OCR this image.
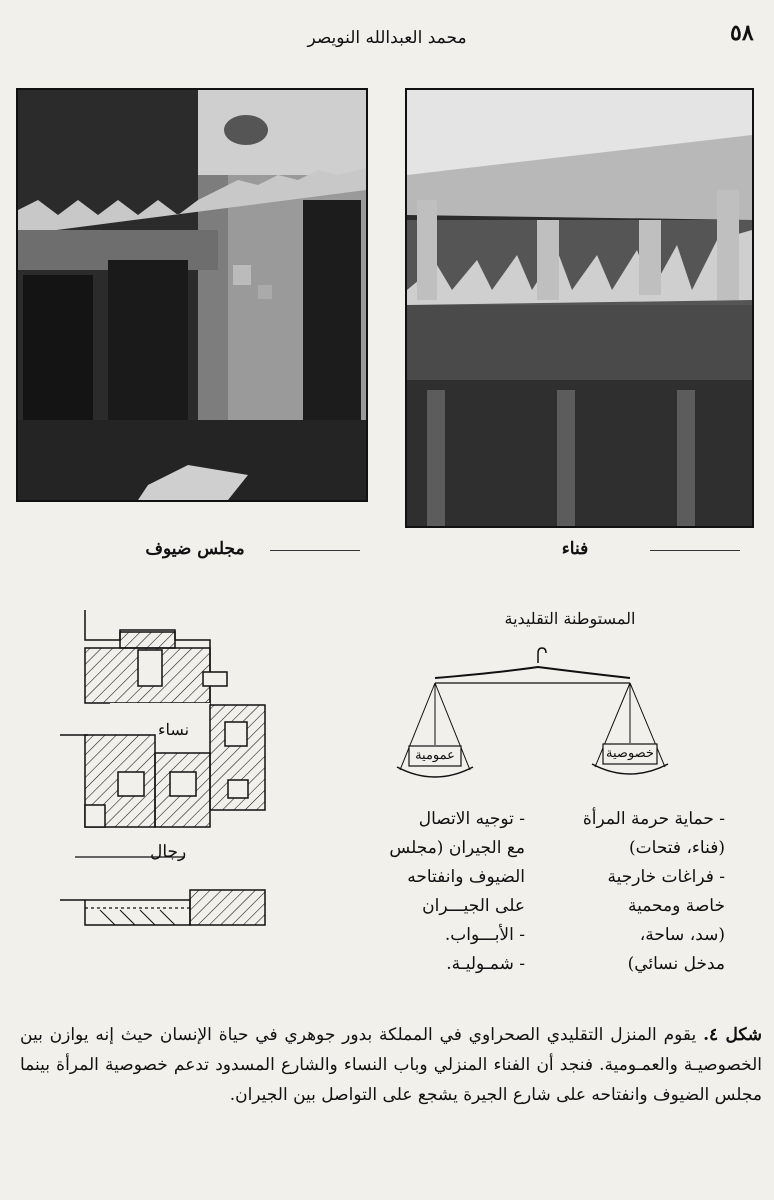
٥٨
محمد العبدالله النويصر
مجلس ضيوف	فناء
المستوطنة التقليدية
عمومية	خصوصية
- حماية حرمة المرأة
(فناء، فتحات)
- فراغات خارجية
خاصة ومحمية
(سد، ساحة،
مدخل نسائي)
- توجيه الاتصال
مع الجيران (مجلس
الضيوف وانفتاحه
على الجيـــران
- الأبـــواب.
- شمـوليـة.
نساء
رجال
شكل ٤. يقوم المنزل التقليدي الصحراوي في المملكة بدور جوهري في حياة الإنسان حيث إنه يوازن بين الخصوصيـة والعمـومية. فنجد أن الفناء المنزلي وباب النساء والشارع المسدود تدعم خصوصية المرأة بينما مجلس الضيوف وانفتاحه على شارع الجيرة يشجع على التواصل بين الجيران.
